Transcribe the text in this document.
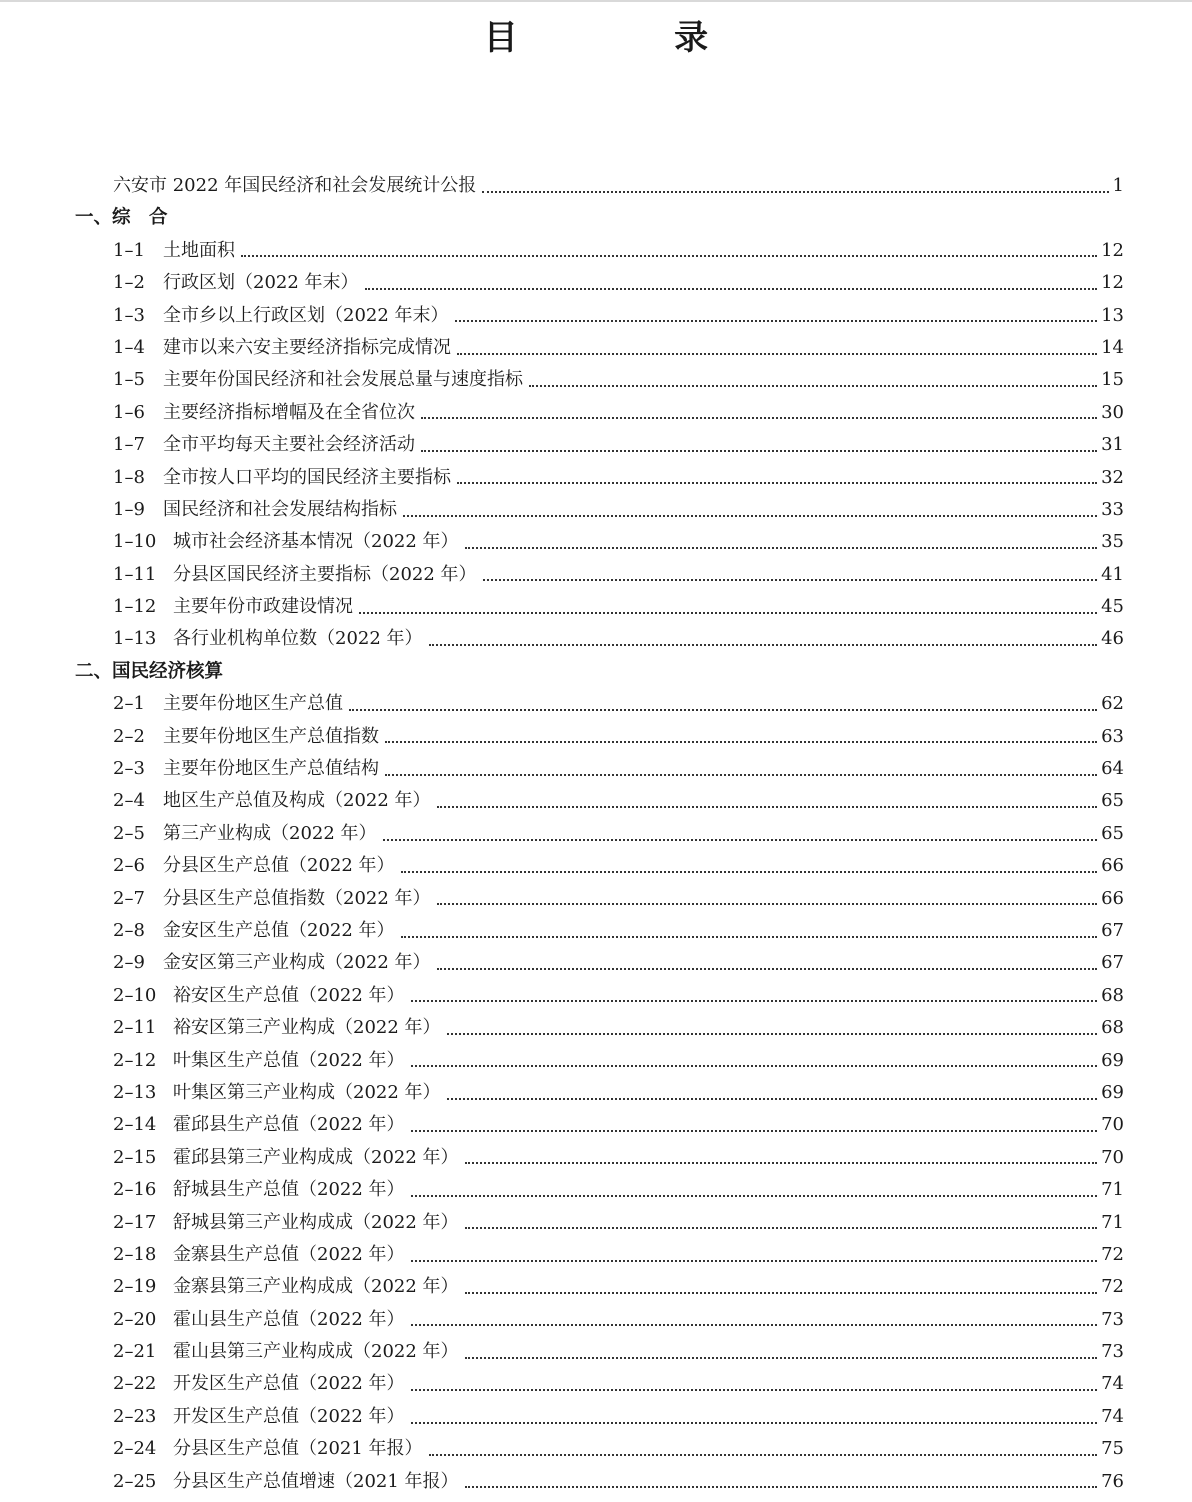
目　录
六安市 2022 年国民经济和社会发展统计公报	1
一、综　合
1–1	土地面积	12
1–2	行政区划（2022 年末）	12
1–3	全市乡以上行政区划（2022 年末）	13
1–4	建市以来六安主要经济指标完成情况	14
1–5	主要年份国民经济和社会发展总量与速度指标	15
1–6	主要经济指标增幅及在全省位次	30
1–7	全市平均每天主要社会经济活动	31
1–8	全市按人口平均的国民经济主要指标	32
1–9	国民经济和社会发展结构指标	33
1–10 城市社会经济基本情况（2022 年）	35
1–11 分县区国民经济主要指标（2022 年）	41
1–12 主要年份市政建设情况	45
1–13 各行业机构单位数（2022 年）	46
二、国民经济核算
2–1	主要年份地区生产总值	62
2–2	主要年份地区生产总值指数	63
2–3	主要年份地区生产总值结构	64
2–4	地区生产总值及构成（2022 年）	65
2–5	第三产业构成（2022 年）	65
2–6	分县区生产总值（2022 年）	66
2–7	分县区生产总值指数（2022 年）	66
2–8	金安区生产总值（2022 年）	67
2–9	金安区第三产业构成（2022 年）	67
2–10 裕安区生产总值（2022 年）	68
2–11 裕安区第三产业构成（2022 年）	68
2–12 叶集区生产总值（2022 年）	69
2–13 叶集区第三产业构成（2022 年）	69
2–14 霍邱县生产总值（2022 年）	70
2–15 霍邱县第三产业构成成（2022 年）	70
2–16 舒城县生产总值（2022 年）	71
2–17 舒城县第三产业构成成（2022 年）	71
2–18 金寨县生产总值（2022 年）	72
2–19 金寨县第三产业构成成（2022 年）	72
2–20 霍山县生产总值（2022 年）	73
2–21 霍山县第三产业构成成（2022 年）	73
2–22 开发区生产总值（2022 年）	74
2–23 开发区生产总值（2022 年）	74
2–24 分县区生产总值（2021 年报）	75
2–25 分县区生产总值增速（2021 年报）	76
